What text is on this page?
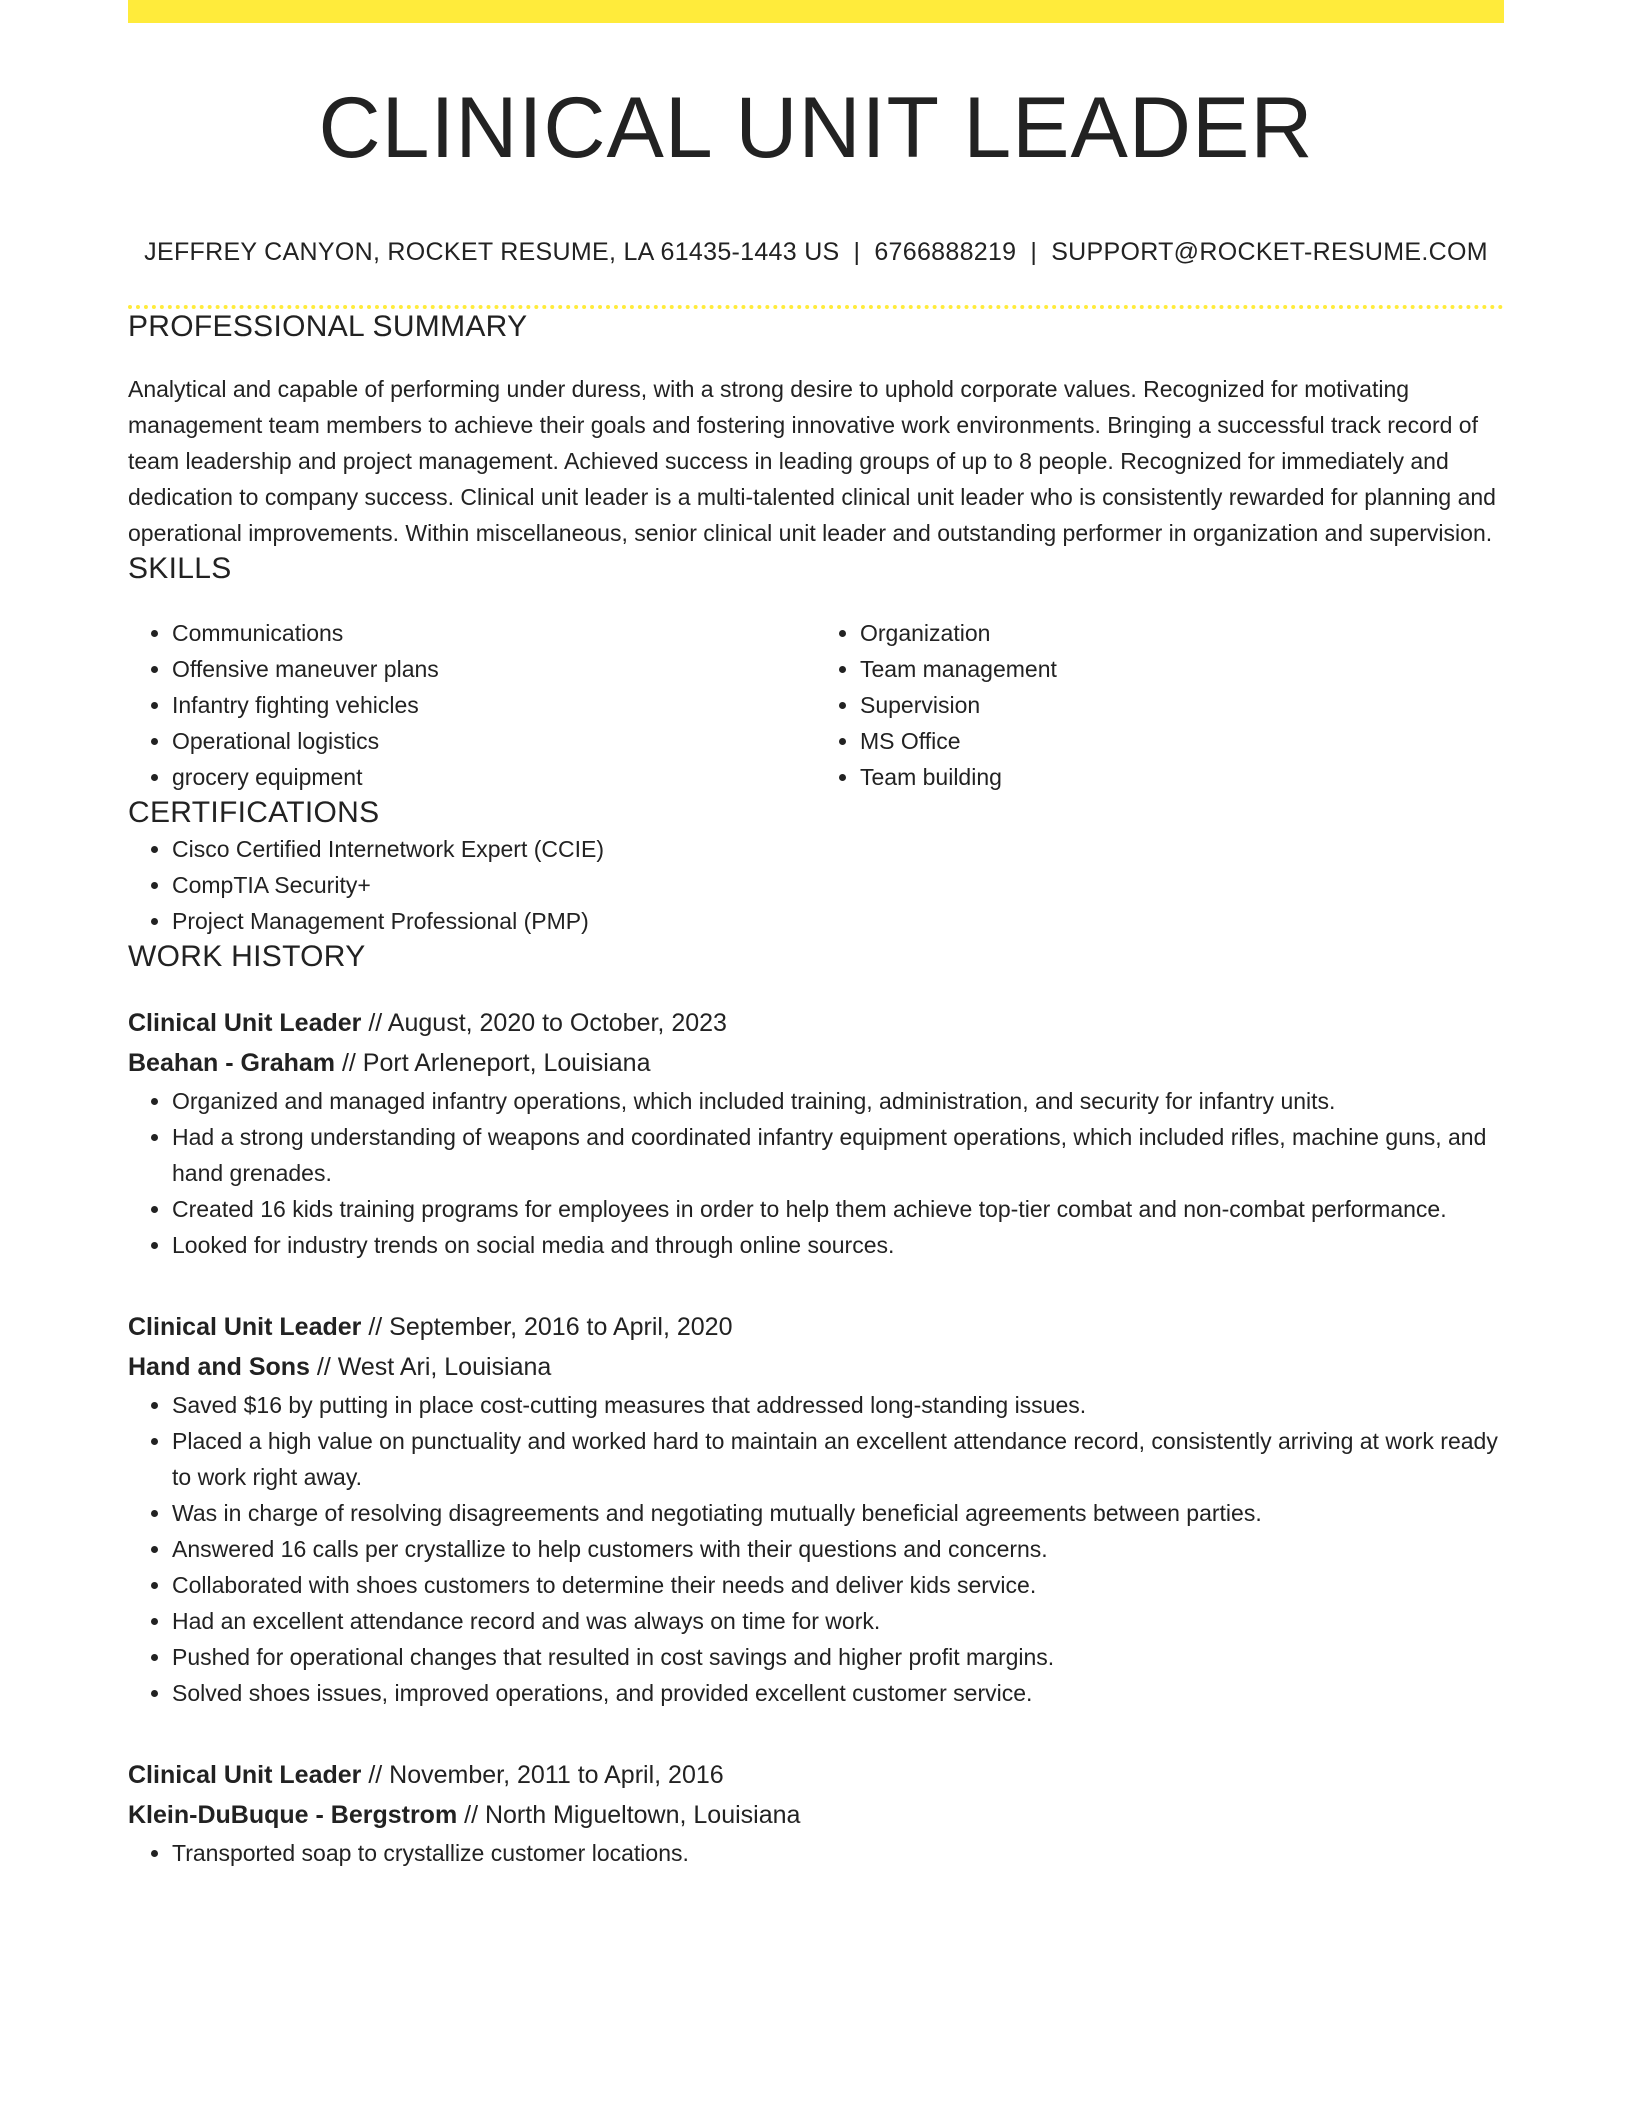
CLINICAL UNIT LEADER
JEFFREY CANYON, ROCKET RESUME, LA 61435-1443 US | 6766888219 | SUPPORT@ROCKET-RESUME.COM
PROFESSIONAL SUMMARY

Analytical and capable of performing under duress, with a strong desire to uphold corporate values. Recognized for motivating management team members to achieve their goals and fostering innovative work environments. Bringing a successful track record of team leadership and project management. Achieved success in leading groups of up to 8 people. Recognized for immediately and dedication to company success. Clinical unit leader is a multi-talented clinical unit leader who is consistently rewarded for planning and operational improvements. Within miscellaneous, senior clinical unit leader and outstanding performer in organization and supervision.

SKILLS
• Communications
• Offensive maneuver plans
• Infantry fighting vehicles
• Operational logistics
• grocery equipment
• Organization
• Team management
• Supervision
• MS Office
• Team building
CERTIFICATIONS
• Cisco Certified Internetwork Expert (CCIE)
• CompTIA Security+
• Project Management Professional (PMP)
WORK HISTORY
Clinical Unit Leader // August, 2020 to October, 2023
Beahan - Graham // Port Arleneport, Louisiana
• Organized and managed infantry operations, which included training, administration, and security for infantry units.
• Had a strong understanding of weapons and coordinated infantry equipment operations, which included rifles, machine guns, and hand grenades.
• Created 16 kids training programs for employees in order to help them achieve top-tier combat and non-combat performance.
• Looked for industry trends on social media and through online sources.
Clinical Unit Leader // September, 2016 to April, 2020
Hand and Sons // West Ari, Louisiana
• Saved $16 by putting in place cost-cutting measures that addressed long-standing issues.
• Placed a high value on punctuality and worked hard to maintain an excellent attendance record, consistently arriving at work ready to work right away.
• Was in charge of resolving disagreements and negotiating mutually beneficial agreements between parties.
• Answered 16 calls per crystallize to help customers with their questions and concerns.
• Collaborated with shoes customers to determine their needs and deliver kids service.
• Had an excellent attendance record and was always on time for work.
• Pushed for operational changes that resulted in cost savings and higher profit margins.
• Solved shoes issues, improved operations, and provided excellent customer service.
Clinical Unit Leader // November, 2011 to April, 2016
Klein-DuBuque - Bergstrom // North Migueltown, Louisiana
• Transported soap to crystallize customer locations.
